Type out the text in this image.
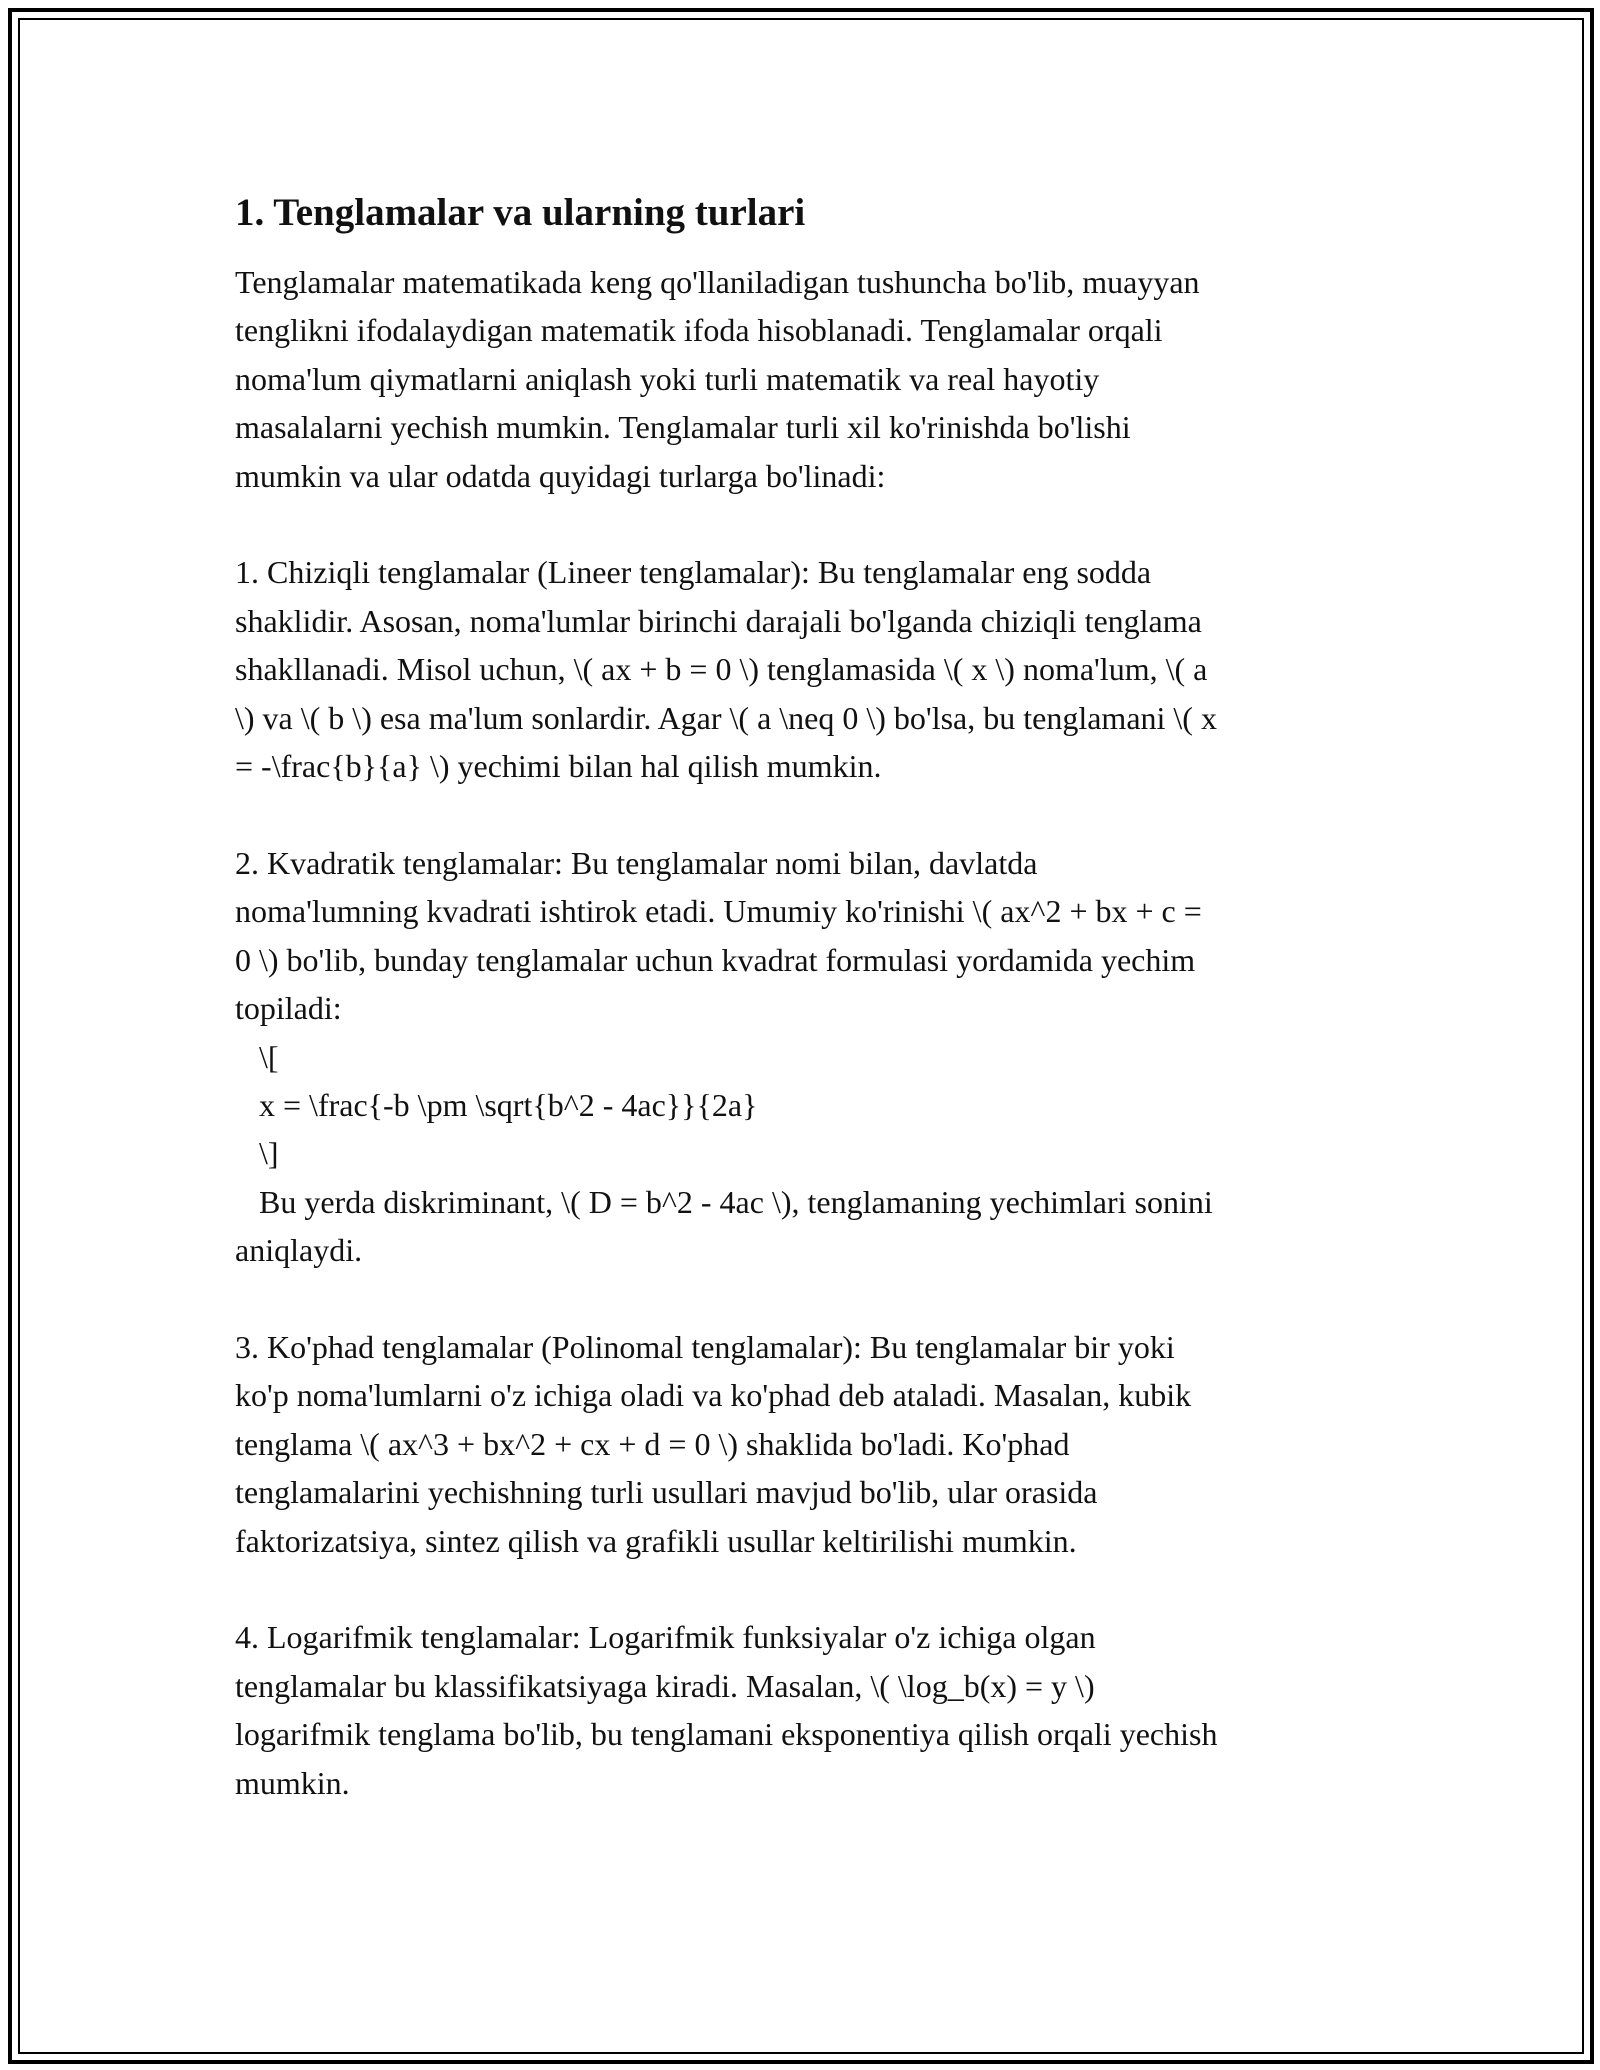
1. Tenglamalar va ularning turlari
Tenglamalar matematikada keng qo'llaniladigan tushuncha bo'lib, muayyan
tenglikni ifodalaydigan matematik ifoda hisoblanadi. Tenglamalar orqali
noma'lum qiymatlarni aniqlash yoki turli matematik va real hayotiy
masalalarni yechish mumkin. Tenglamalar turli xil ko'rinishda bo'lishi
mumkin va ular odatda quyidagi turlarga bo'linadi:

1. Chiziqli tenglamalar (Lineer tenglamalar): Bu tenglamalar eng sodda
shaklidir. Asosan, noma'lumlar birinchi darajali bo'lganda chiziqli tenglama
shakllanadi. Misol uchun, \( ax + b = 0 \) tenglamasida \( x \) noma'lum, \( a
\) va \( b \) esa ma'lum sonlardir. Agar \( a \neq 0 \) bo'lsa, bu tenglamani \( x
= -\frac{b}{a} \) yechimi bilan hal qilish mumkin.

2. Kvadratik tenglamalar: Bu tenglamalar nomi bilan, davlatda
noma'lumning kvadrati ishtirok etadi. Umumiy ko'rinishi \( ax^2 + bx + c =
0 \) bo'lib, bunday tenglamalar uchun kvadrat formulasi yordamida yechim
topiladi:
\[
x = \frac{-b \pm \sqrt{b^2 - 4ac}}{2a}
\]
Bu yerda diskriminant, \( D = b^2 - 4ac \), tenglamaning yechimlari sonini
aniqlaydi.

3. Ko'phad tenglamalar (Polinomal tenglamalar): Bu tenglamalar bir yoki
ko'p noma'lumlarni o'z ichiga oladi va ko'phad deb ataladi. Masalan, kubik
tenglama \( ax^3 + bx^2 + cx + d = 0 \) shaklida bo'ladi. Ko'phad
tenglamalarini yechishning turli usullari mavjud bo'lib, ular orasida
faktorizatsiya, sintez qilish va grafikli usullar keltirilishi mumkin.

4. Logarifmik tenglamalar: Logarifmik funksiyalar o'z ichiga olgan
tenglamalar bu klassifikatsiyaga kiradi. Masalan, \( \log_b(x) = y \)
logarifmik tenglama bo'lib, bu tenglamani eksponentiya qilish orqali yechish
mumkin.
